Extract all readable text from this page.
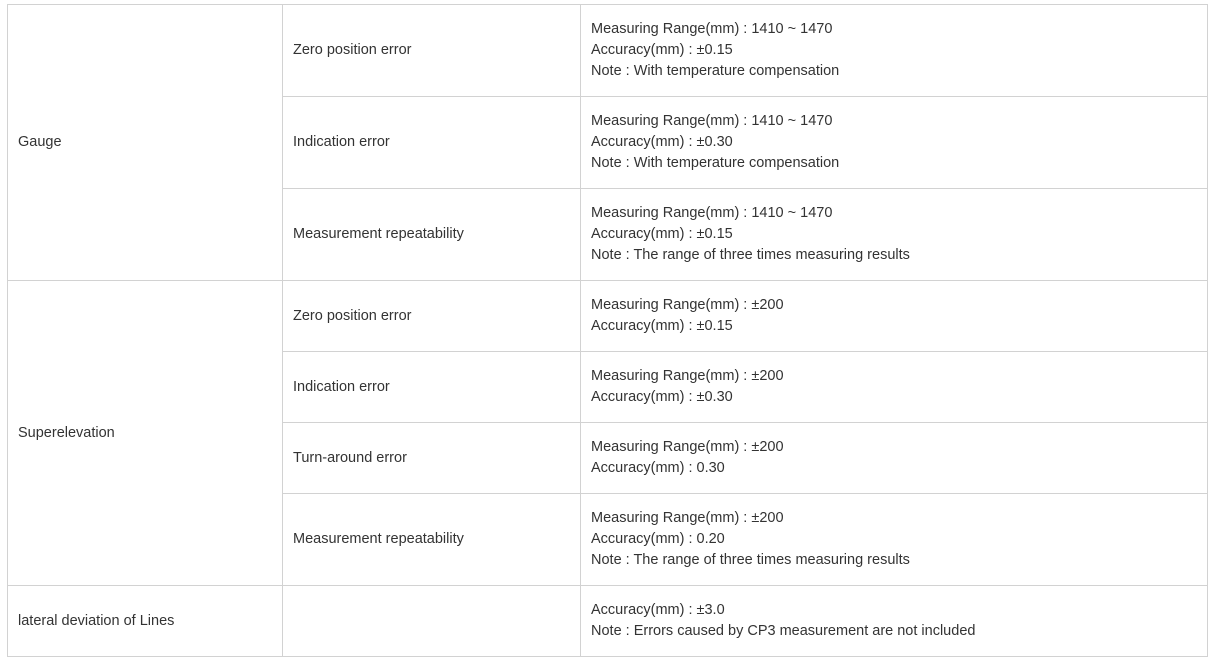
Gauge	Zero position error	Measuring Range(mm) : 1410 ~ 1470
Accuracy(mm) : ±0.15
Note : With temperature compensation

	Indication error	Measuring Range(mm) : 1410 ~ 1470
Accuracy(mm) : ±0.30
Note : With temperature compensation

	Measurement repeatability	Measuring Range(mm) : 1410 ~ 1470
Accuracy(mm) : ±0.15
Note : The range of three times measuring results

Superelevation	Zero position error	Measuring Range(mm) : ±200
Accuracy(mm) : ±0.15

	Indication error	Measuring Range(mm) : ±200
Accuracy(mm) : ±0.30

	Turn-around error	Measuring Range(mm) : ±200
Accuracy(mm) : 0.30

	Measurement repeatability	Measuring Range(mm) : ±200
Accuracy(mm) : 0.20
Note : The range of three times measuring results

lateral deviation of Lines		Accuracy(mm) : ±3.0
Note : Errors caused by CP3 measurement are not included
